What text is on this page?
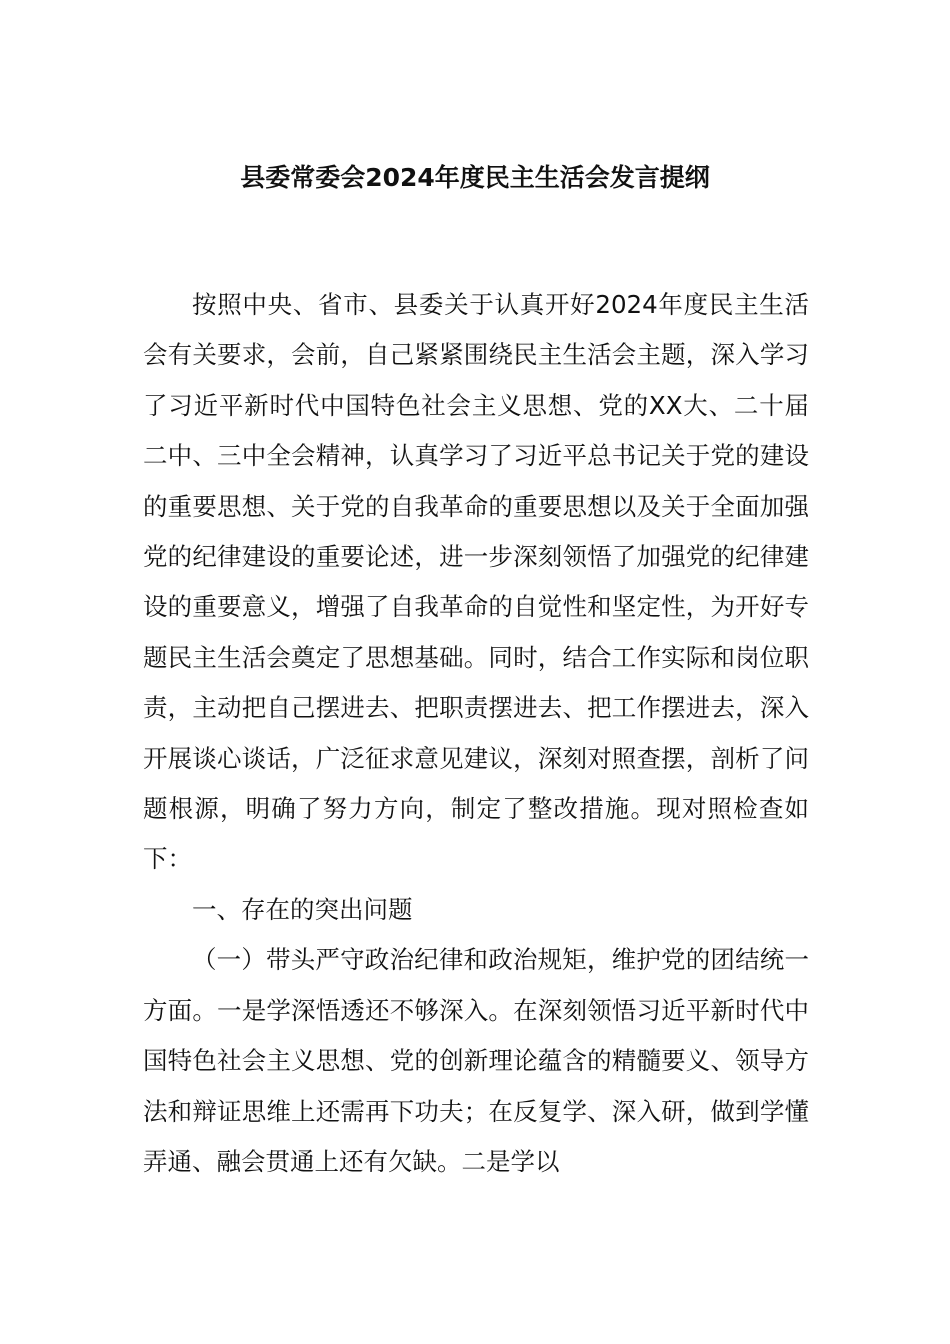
县委常委会2024年度民主生活会发言提纲

按照中央、省市、县委关于认真开好2024年度民主生活会有关要求，会前，自己紧紧围绕民主生活会主题，深入学习了习近平新时代中国特色社会主义思想、党的XX大、二十届二中、三中全会精神，认真学习了习近平总书记关于党的建设的重要思想、关于党的自我革命的重要思想以及关于全面加强党的纪律建设的重要论述，进一步深刻领悟了加强党的纪律建设的重要意义，增强了自我革命的自觉性和坚定性，为开好专题民主生活会奠定了思想基础。同时，结合工作实际和岗位职责，主动把自己摆进去、把职责摆进去、把工作摆进去，深入开展谈心谈话，广泛征求意见建议，深刻对照查摆，剖析了问题根源，明确了努力方向，制定了整改措施。现对照检查如下：

一、存在的突出问题

（一）带头严守政治纪律和政治规矩，维护党的团结统一方面。一是学深悟透还不够深入。在深刻领悟习近平新时代中国特色社会主义思想、党的创新理论蕴含的精髓要义、领导方法和辩证思维上还需再下功夫；在反复学、深入研，做到学懂弄通、融会贯通上还有欠缺。二是学以
